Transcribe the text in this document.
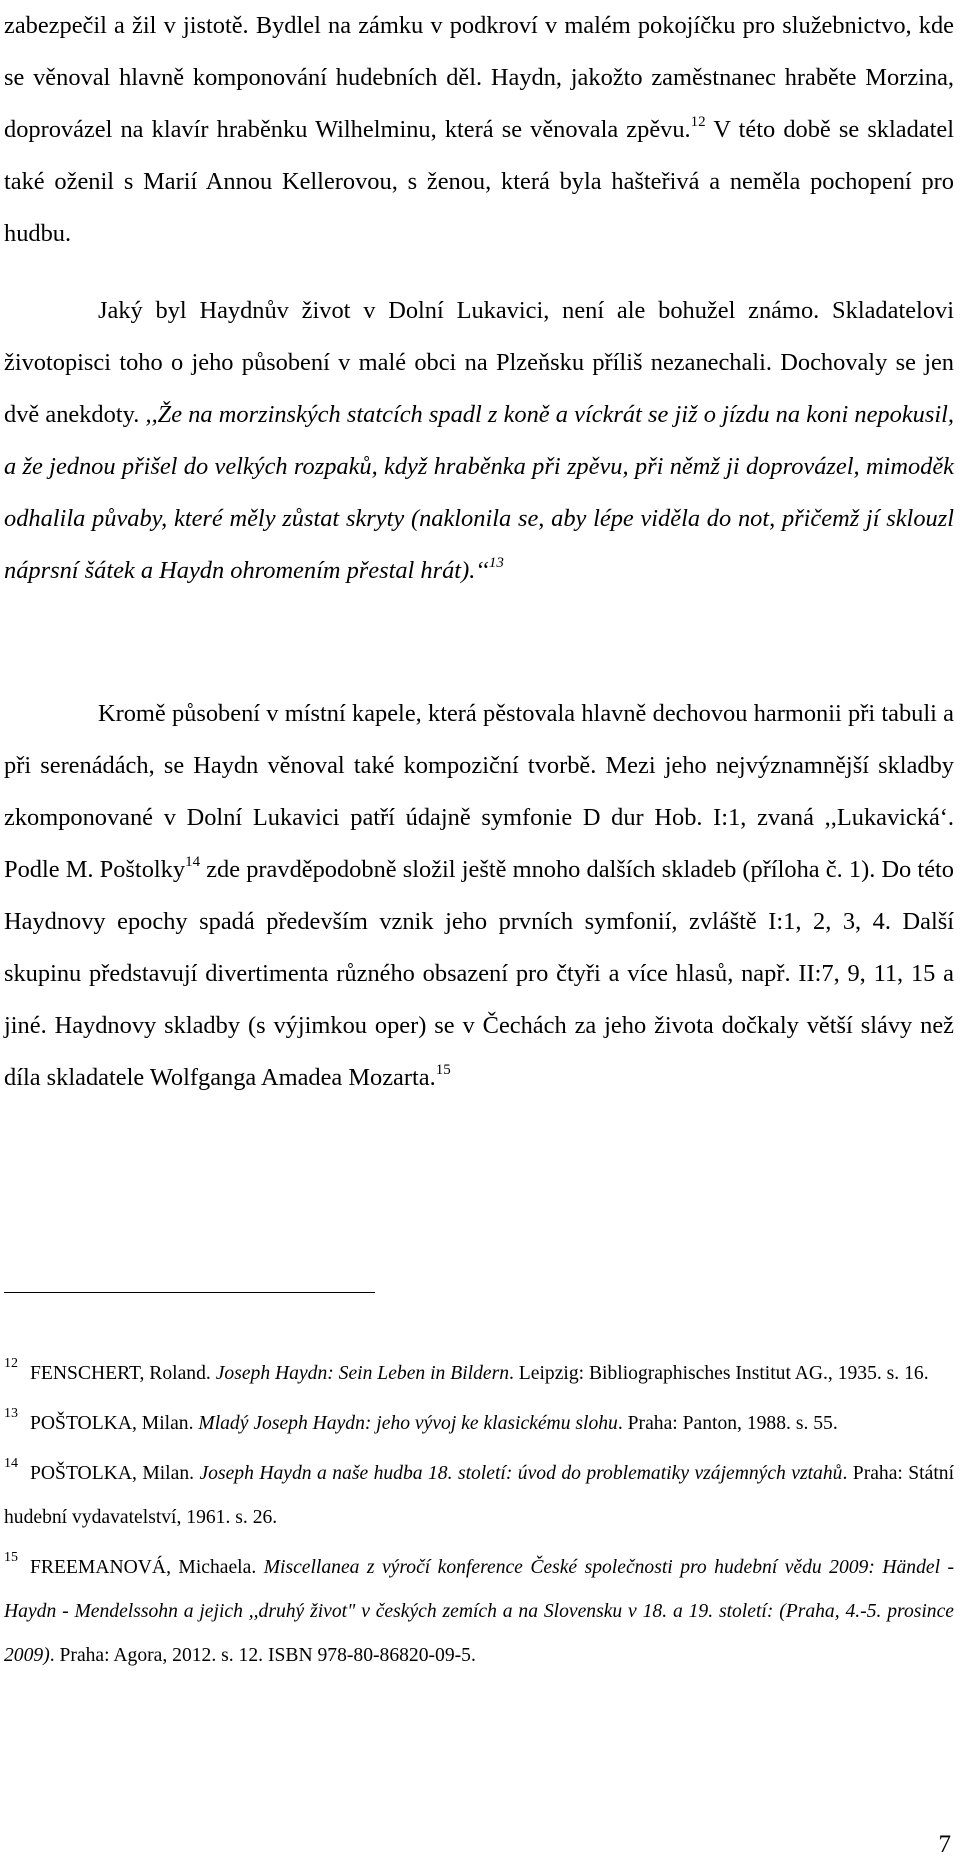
zabezpečil a žil v jistotě. Bydlel na zámku v podkroví v malém pokojíčku pro služebnictvo, kde se věnoval hlavně komponování hudebních děl. Haydn, jakožto zaměstnanec hraběte Morzina, doprovázel na klavír hraběnku Wilhelminu, která se věnovala zpěvu.$^{12}$ V této době se skladatel také oženil s Marií Annou Kellerovou, s ženou, která byla hašteřivá a neměla pochopení pro hudbu.

Jaký byl Haydnův život v Dolní Lukavici, není ale bohužel známo. Skladatelovi životopisci toho o jeho působení v malé obci na Plzeňsku příliš nezanechali. Dochovaly se jen dvě anekdoty. ,,Že na morzinských statcích spadl z koně a víckrát se již o jízdu na koni nepokusil, a že jednou přišel do velkých rozpaků, když hraběnka při zpěvu, při němž ji doprovázel, mimoděk odhalila půvaby, které měly zůstat skryty (naklonila se, aby lépe viděla do not, přičemž jí sklouzl náprsní šátek a Haydn ohromením přestal hrát).‘‘$^{13}$

Kromě působení v místní kapele, která pěstovala hlavně dechovou harmonii při tabuli a při serenádách, se Haydn věnoval také kompoziční tvorbě. Mezi jeho nejvýznamnější skladby zkomponované v Dolní Lukavici patří údajně symfonie D dur Hob. I:1, zvaná ,,Lukavická‘. Podle M. Poštolky$^{14}$ zde pravděpodobně složil ještě mnoho dalších skladeb (příloha č. 1). Do této Haydnovy epochy spadá především vznik jeho prvních symfonií, zvláště I:1, 2, 3, 4. Další skupinu představují divertimenta různého obsazení pro čtyři a více hlasů, např. II:7, 9, 11, 15 a jiné. Haydnovy skladby (s výjimkou oper) se v Čechách za jeho života dočkaly větší slávy než díla skladatele Wolfganga Amadea Mozarta.$^{15}$

$^{12}$ FENSCHERT, Roland. Joseph Haydn: Sein Leben in Bildern. Leipzig: Bibliographisches Institut AG., 1935. s. 16.

$^{13}$ POŠTOLKA, Milan. Mladý Joseph Haydn: jeho vývoj ke klasickému slohu. Praha: Panton, 1988. s. 55.

$^{14}$ POŠTOLKA, Milan. Joseph Haydn a naše hudba 18. století: úvod do problematiky vzájemných vztahů. Praha: Státní hudební vydavatelství, 1961. s. 26.

$^{15}$ FREEMANOVÁ, Michaela. Miscellanea z výročí konference České společnosti pro hudební vědu 2009: Händel - Haydn - Mendelssohn a jejich ,,druhý život" v českých zemích a na Slovensku v 18. a 19. století: (Praha, 4.-5. prosince 2009). Praha: Agora, 2012. s. 12. ISBN 978-80-86820-09-5.

7
